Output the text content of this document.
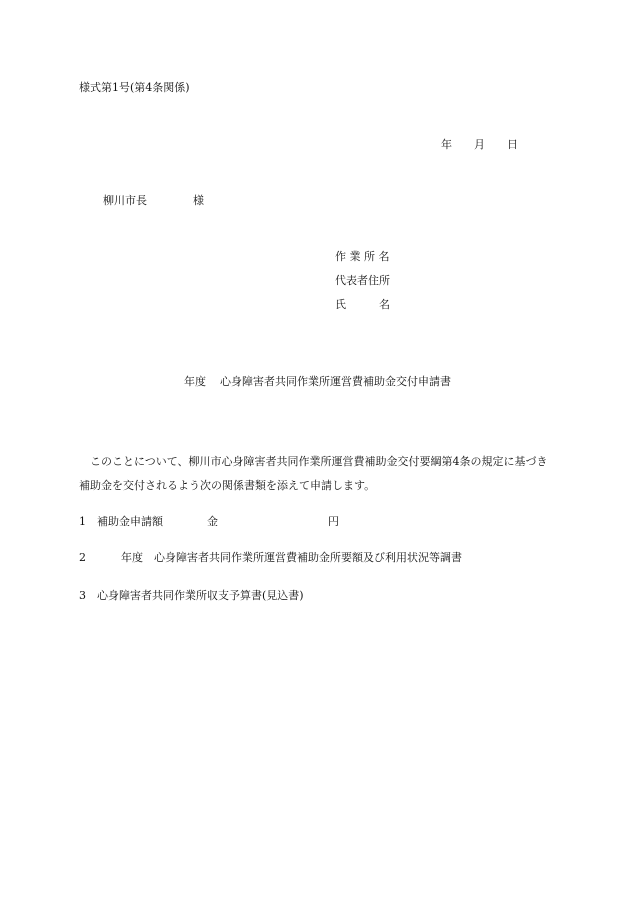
様式第1号(第4条関係)
年 月 日
柳川市長	様
作 業 所 名
代表者住所
氏　　　名
年度 心身障害者共同作業所運営費補助金交付申請書
このことについて、柳川市心身障害者共同作業所運営費補助金交付要綱第4条の規定に基づき補助金を交付されるよう次の関係書類を添えて申請します。
1 補助金申請額	金	円
2	年度 心身障害者共同作業所運営費補助金所要額及び利用状況等調書
3 心身障害者共同作業所収支予算書(見込書)
